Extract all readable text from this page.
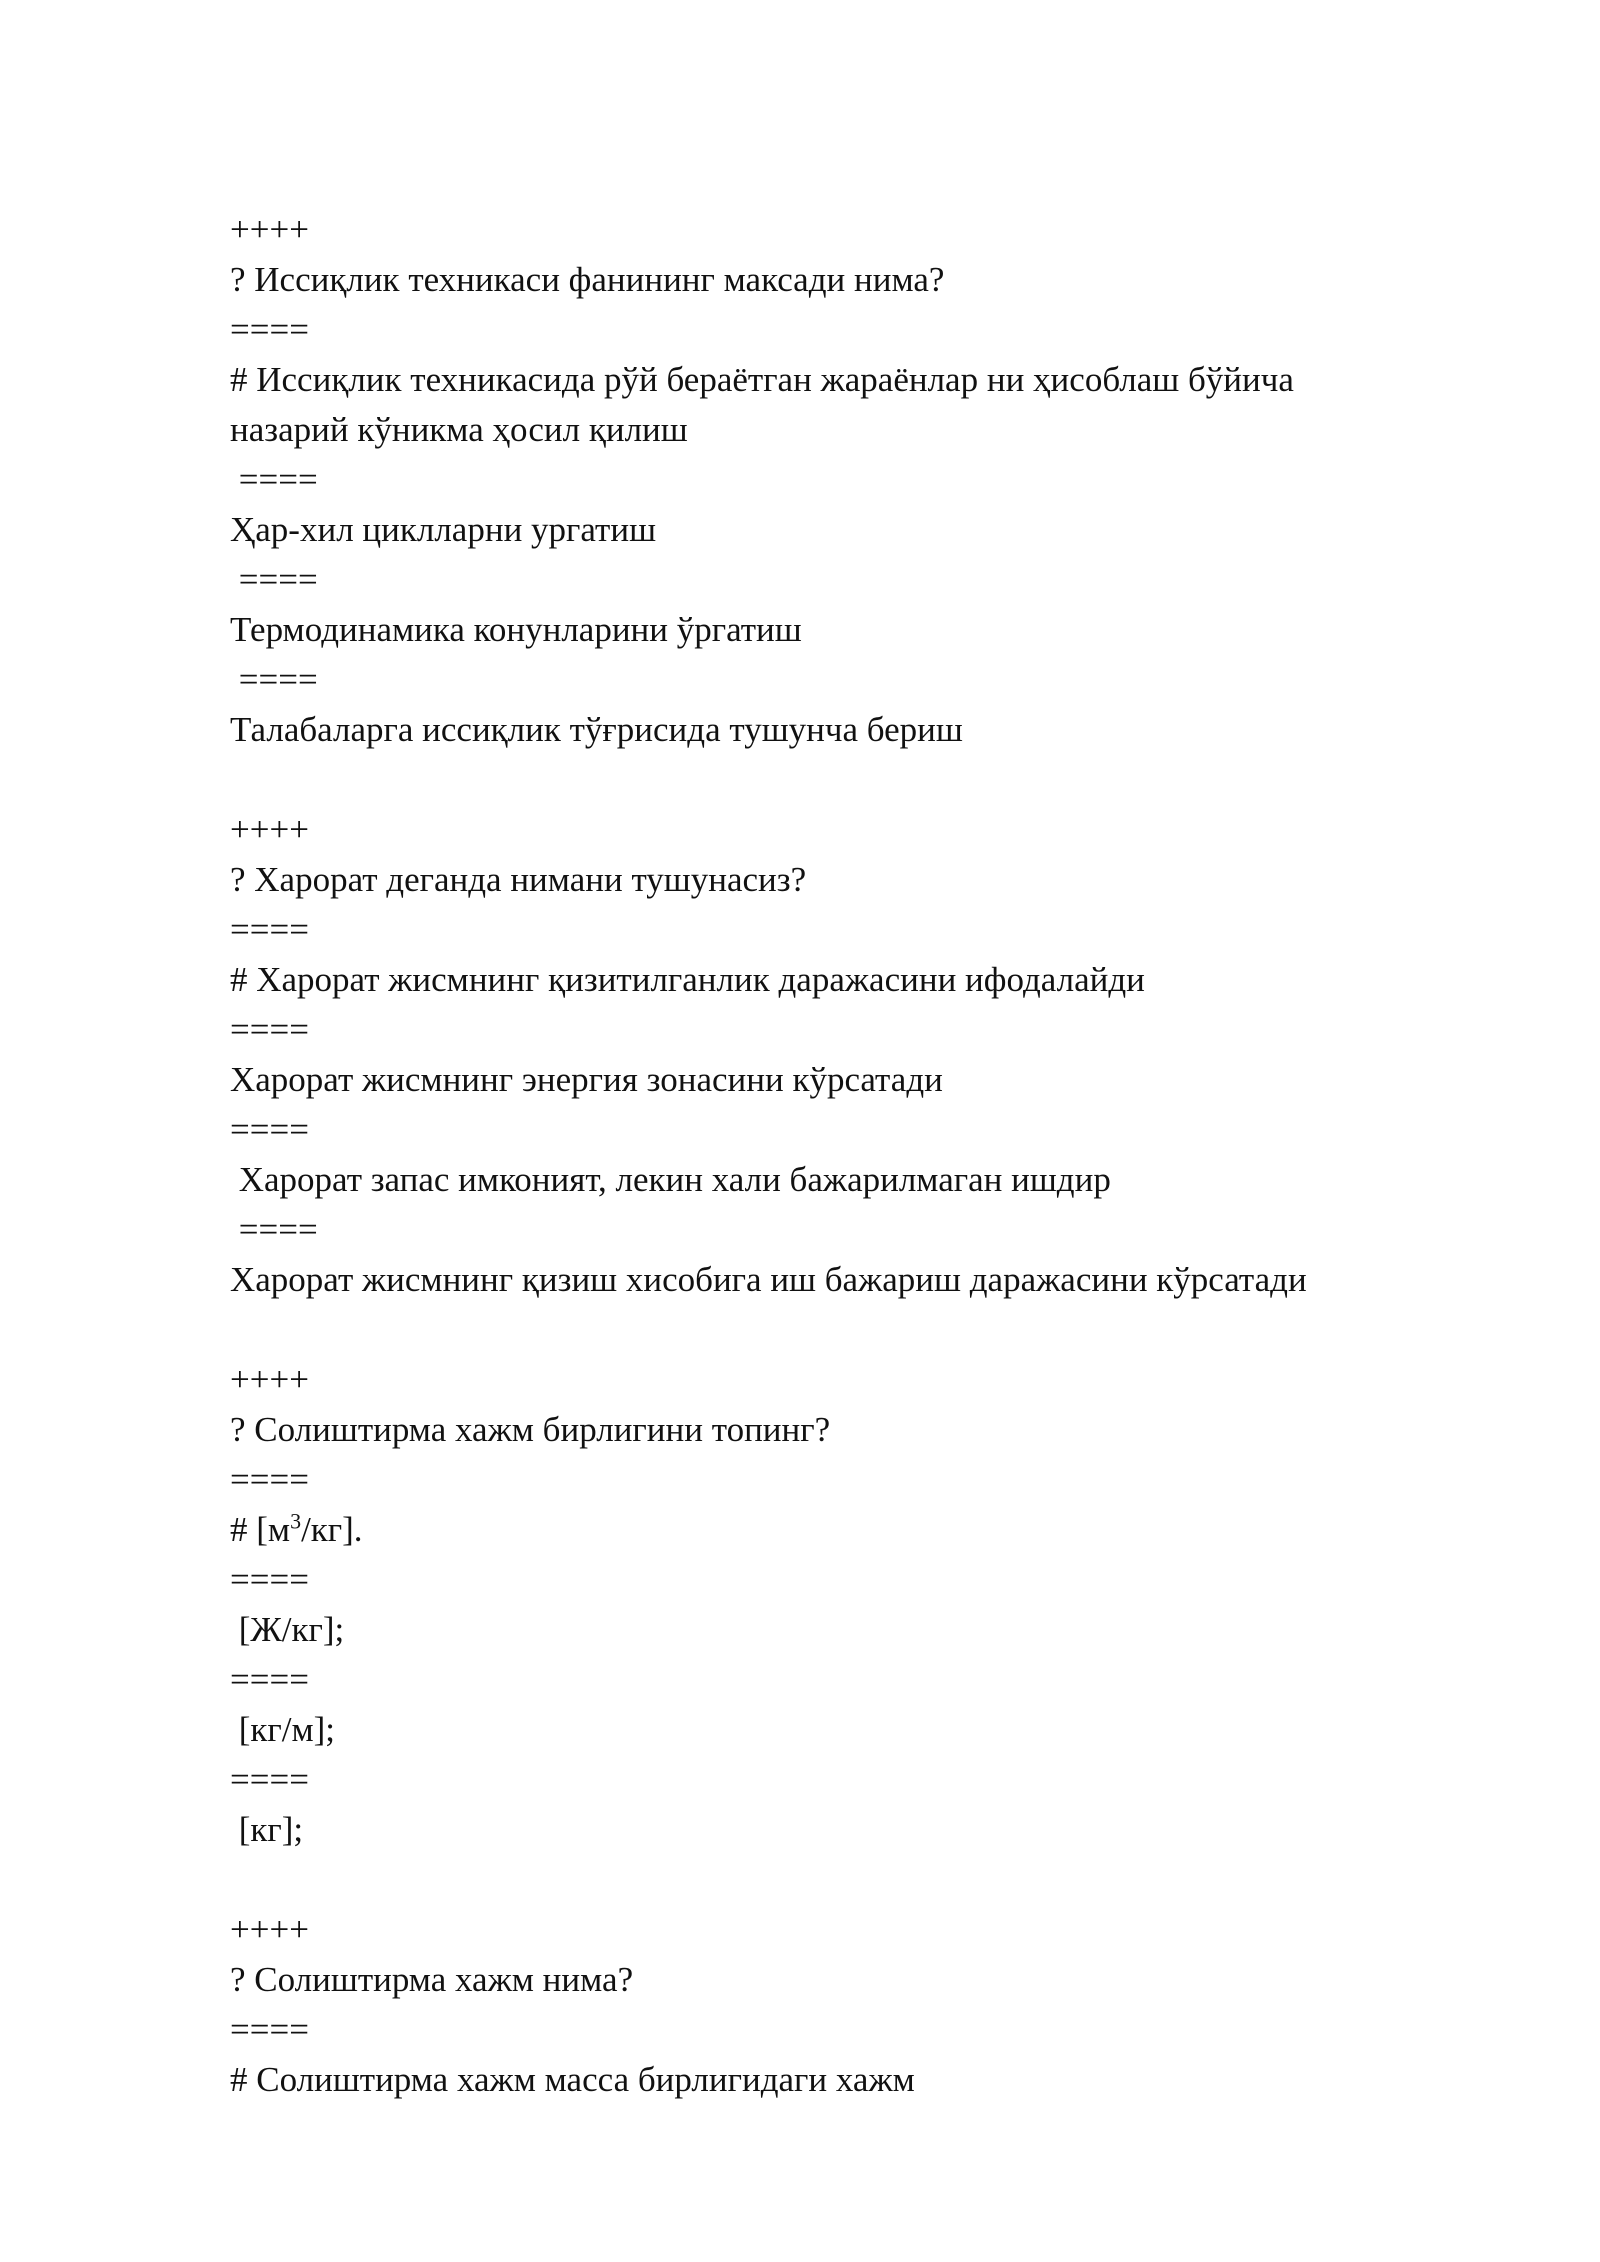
++++
? Иссиқлик техникаси фанининг максади нима?
====
# Иссиқлик техникасида рўй бераётган жараёнлар ни ҳисоблаш бўйича назарий кўникма ҳосил қилиш
====
Ҳар-хил циклларни ургатиш
====
Термодинамика конунларини ўргатиш
====
Талабаларга иссиқлик тўғрисида тушунча бериш
++++
? Харорат деганда нимани тушунасиз?
====
# Харорат жисмнинг қизитилганлик даражасини ифодалайди
====
Харорат жисмнинг энергия зонасини кўрсатади
====
Харорат запас имконият, лекин хали бажарилмаган ишдир
====
Харорат жисмнинг қизиш хисобига иш бажариш даражасини кўрсатади
++++
? Солиштирма хажм бирлигини топинг?
====
# $[м^3/кг]$.
====
[Ж/кг];
====
[кг/м];
====
[кг];
++++
? Солиштирма хажм нима?
====
# Солиштирма хажм масса бирлигидаги хажм
